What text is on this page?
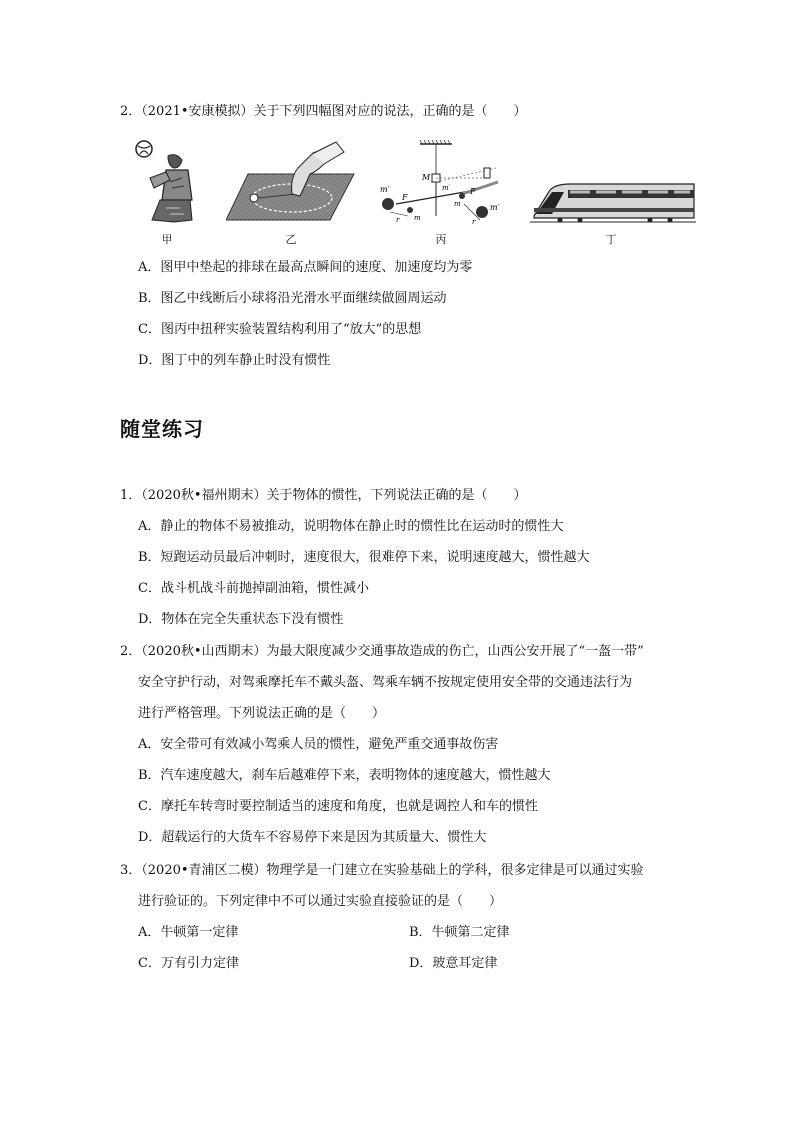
2．（2021•安康模拟）关于下列四幅图对应的说法，正确的是（　　）
甲	乙
m′
F
r m
M
m′ F
m
r
m′
丙	丁
A．图甲中垫起的排球在最高点瞬间的速度、加速度均为零
B．图乙中线断后小球将沿光滑水平面继续做圆周运动
C．图丙中扭秤实验装置结构利用了“放大”的思想
D．图丁中的列车静止时没有惯性
随堂练习
1．（2020秋•福州期末）关于物体的惯性，下列说法正确的是（　　）
A．静止的物体不易被推动，说明物体在静止时的惯性比在运动时的惯性大
B．短跑运动员最后冲刺时，速度很大，很难停下来，说明速度越大，惯性越大
C．战斗机战斗前抛掉副油箱，惯性减小
D．物体在完全失重状态下没有惯性
2．（2020秋•山西期末）为最大限度减少交通事故造成的伤亡，山西公安开展了“一盔一带”
安全守护行动，对驾乘摩托车不戴头盔、驾乘车辆不按规定使用安全带的交通违法行为
进行严格管理。下列说法正确的是（　　）
A．安全带可有效减小驾乘人员的惯性，避免严重交通事故伤害
B．汽车速度越大，刹车后越难停下来，表明物体的速度越大，惯性越大
C．摩托车转弯时要控制适当的速度和角度，也就是调控人和车的惯性
D．超载运行的大货车不容易停下来是因为其质量大、惯性大
3．（2020•青浦区二模）物理学是一门建立在实验基础上的学科，很多定律是可以通过实验
进行验证的。下列定律中不可以通过实验直接验证的是（　　）
A．牛顿第一定律	B．牛顿第二定律
C．万有引力定律	D．玻意耳定律
